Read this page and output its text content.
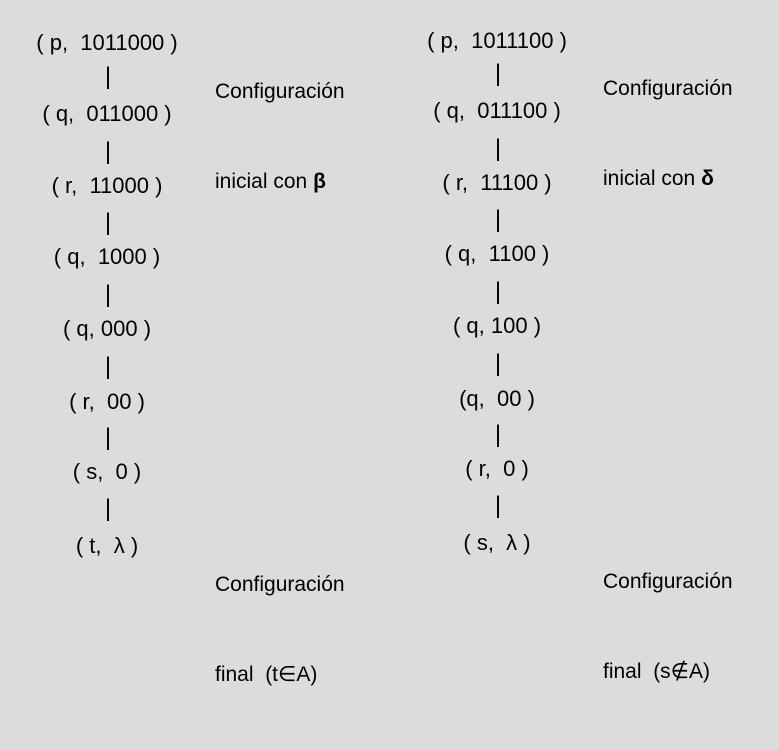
( p,  1011000 )
|
( q,  011000 )
|
( r,  11000 )
|
( q,  1000 )
|
( q, 000 )
|
( r,  00 )
|
( s,  0 )
|
( t,  λ )

Configuración

inicial con β

Configuración

final  (t∈A)

( p,  1011100 )
|
( q,  011100 )
|
( r,  11100 )
|
( q,  1100 )
|
( q, 100 )
|
(q,  00 )
|
( r,  0 )
|
( s,  λ )

Configuración

inicial con δ

Configuración

final  (s∉A)
